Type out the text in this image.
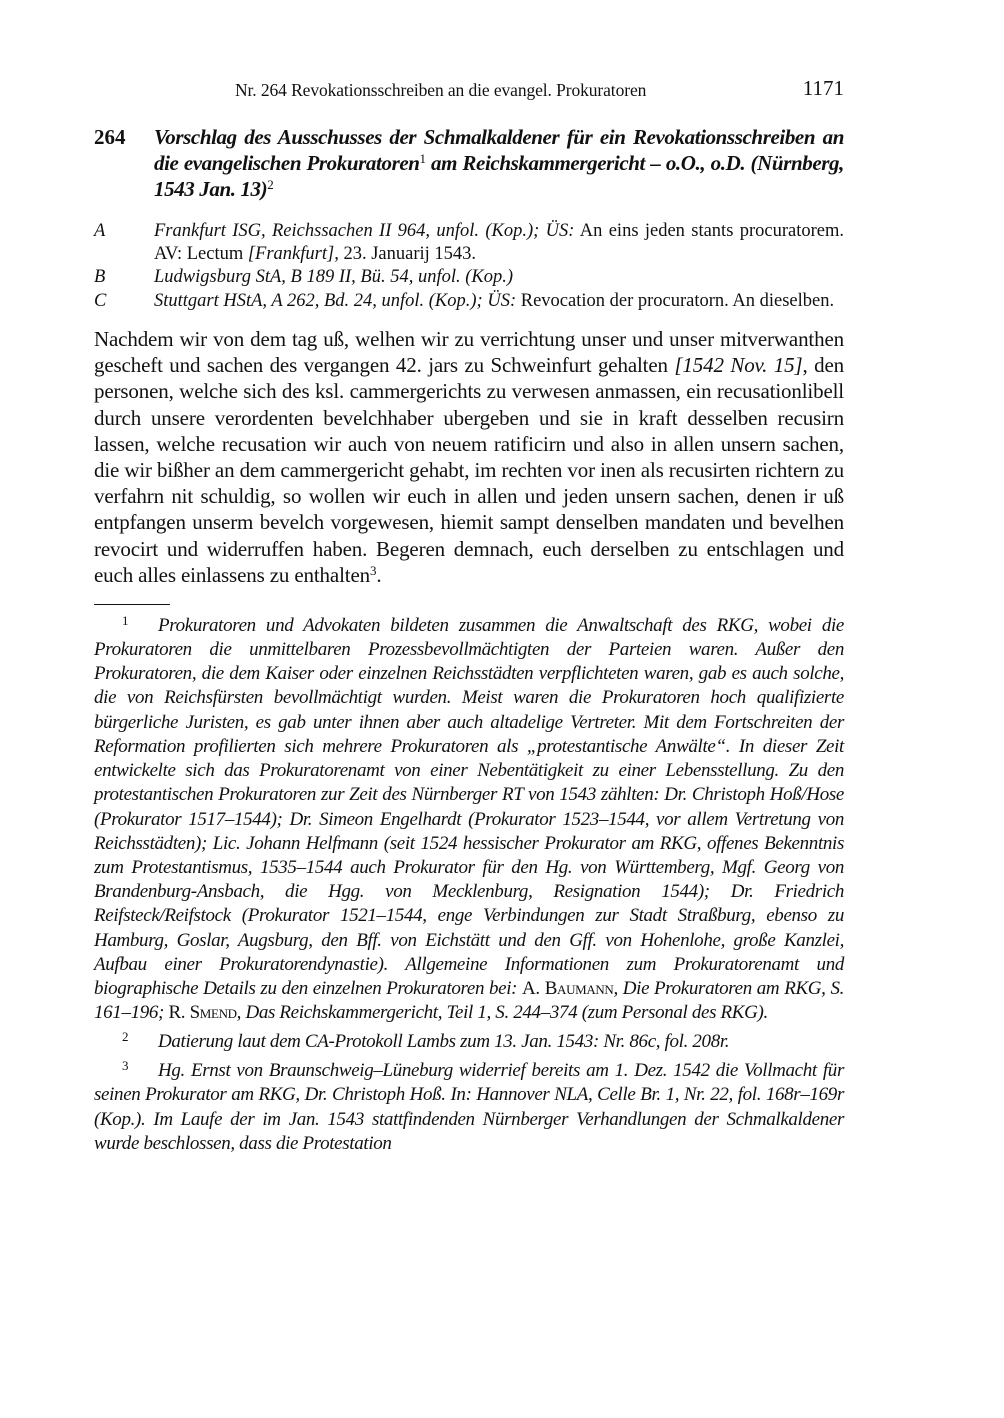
Nr. 264 Revokationsschreiben an die evangel. Prokuratoren	1171
264	Vorschlag des Ausschusses der Schmalkaldener für ein Revokationsschreiben an die evangelischen Prokuratoren$^1$ am Reichskammergericht – o.O., o.D. (Nürnberg, 1543 Jan. 13)$^2$
A	Frankfurt ISG, Reichssachen II 964, unfol. (Kop.); ÜS: An eins jeden stants procuratorem. AV: Lectum [Frankfurt], 23. Januarij 1543.
B	Ludwigsburg StA, B 189 II, Bü. 54, unfol. (Kop.)
C	Stuttgart HStA, A 262, Bd. 24, unfol. (Kop.); ÜS: Revocation der procuratorn. An dieselben.
Nachdem wir von dem tag uß, welhen wir zu verrichtung unser und unser mitverwanthen gescheft und sachen des vergangen 42. jars zu Schweinfurt gehalten [1542 Nov. 15], den personen, welche sich des ksl. cammergerichts zu verwesen anmassen, ein recusationlibell durch unsere verordenten bevelchhaber ubergeben und sie in kraft desselben recusirn lassen, welche recusation wir auch von neuem ratificirn und also in allen unsern sachen, die wir bißher an dem cammergericht gehabt, im rechten vor inen als recusirten richtern zu verfahrn nit schuldig, so wollen wir euch in allen und jeden unsern sachen, denen ir uß entpfangen unserm bevelch vorgewesen, hiemit sampt denselben mandaten und bevelhen revocirt und widerruffen haben. Begeren demnach, euch derselben zu entschlagen und euch alles einlassens zu enthalten$^3$.
1 Prokuratoren und Advokaten bildeten zusammen die Anwaltschaft des RKG, wobei die Prokuratoren die unmittelbaren Prozessbevollmächtigten der Parteien waren. Außer den Prokuratoren, die dem Kaiser oder einzelnen Reichsstädten verpflichteten waren, gab es auch solche, die von Reichsfürsten bevollmächtigt wurden. Meist waren die Prokuratoren hoch qualifizierte bürgerliche Juristen, es gab unter ihnen aber auch altadelige Vertreter. Mit dem Fortschreiten der Reformation profilierten sich mehrere Prokuratoren als „protestantische Anwälte“. In dieser Zeit entwickelte sich das Prokuratorenamt von einer Nebentätigkeit zu einer Lebensstellung. Zu den protestantischen Prokuratoren zur Zeit des Nürnberger RT von 1543 zählten: Dr. Christoph Hoß/Hose (Prokurator 1517–1544); Dr. Simeon Engelhardt (Prokurator 1523–1544, vor allem Vertretung von Reichsstädten); Lic. Johann Helfmann (seit 1524 hessischer Prokurator am RKG, offenes Bekenntnis zum Protestantismus, 1535–1544 auch Prokurator für den Hg. von Württemberg, Mgf. Georg von Brandenburg-Ansbach, die Hgg. von Mecklenburg, Resignation 1544); Dr. Friedrich Reifsteck/Reifstock (Prokurator 1521–1544, enge Verbindungen zur Stadt Straßburg, ebenso zu Hamburg, Goslar, Augsburg, den Bff. von Eichstätt und den Gff. von Hohenlohe, große Kanzlei, Aufbau einer Prokuratorendynastie). Allgemeine Informationen zum Prokuratorenamt und biographische Details zu den einzelnen Prokuratoren bei: A. Baumann, Die Prokuratoren am RKG, S. 161–196; R. Smend, Das Reichskammergericht, Teil 1, S. 244–374 (zum Personal des RKG).
2 Datierung laut dem CA-Protokoll Lambs zum 13. Jan. 1543: Nr. 86c, fol. 208r.
3 Hg. Ernst von Braunschweig–Lüneburg widerrief bereits am 1. Dez. 1542 die Vollmacht für seinen Prokurator am RKG, Dr. Christoph Hoß. In: Hannover NLA, Celle Br. 1, Nr. 22, fol. 168r–169r (Kop.). Im Laufe der im Jan. 1543 stattfindenden Nürnberger Verhandlungen der Schmalkaldener wurde beschlossen, dass die Protestation
